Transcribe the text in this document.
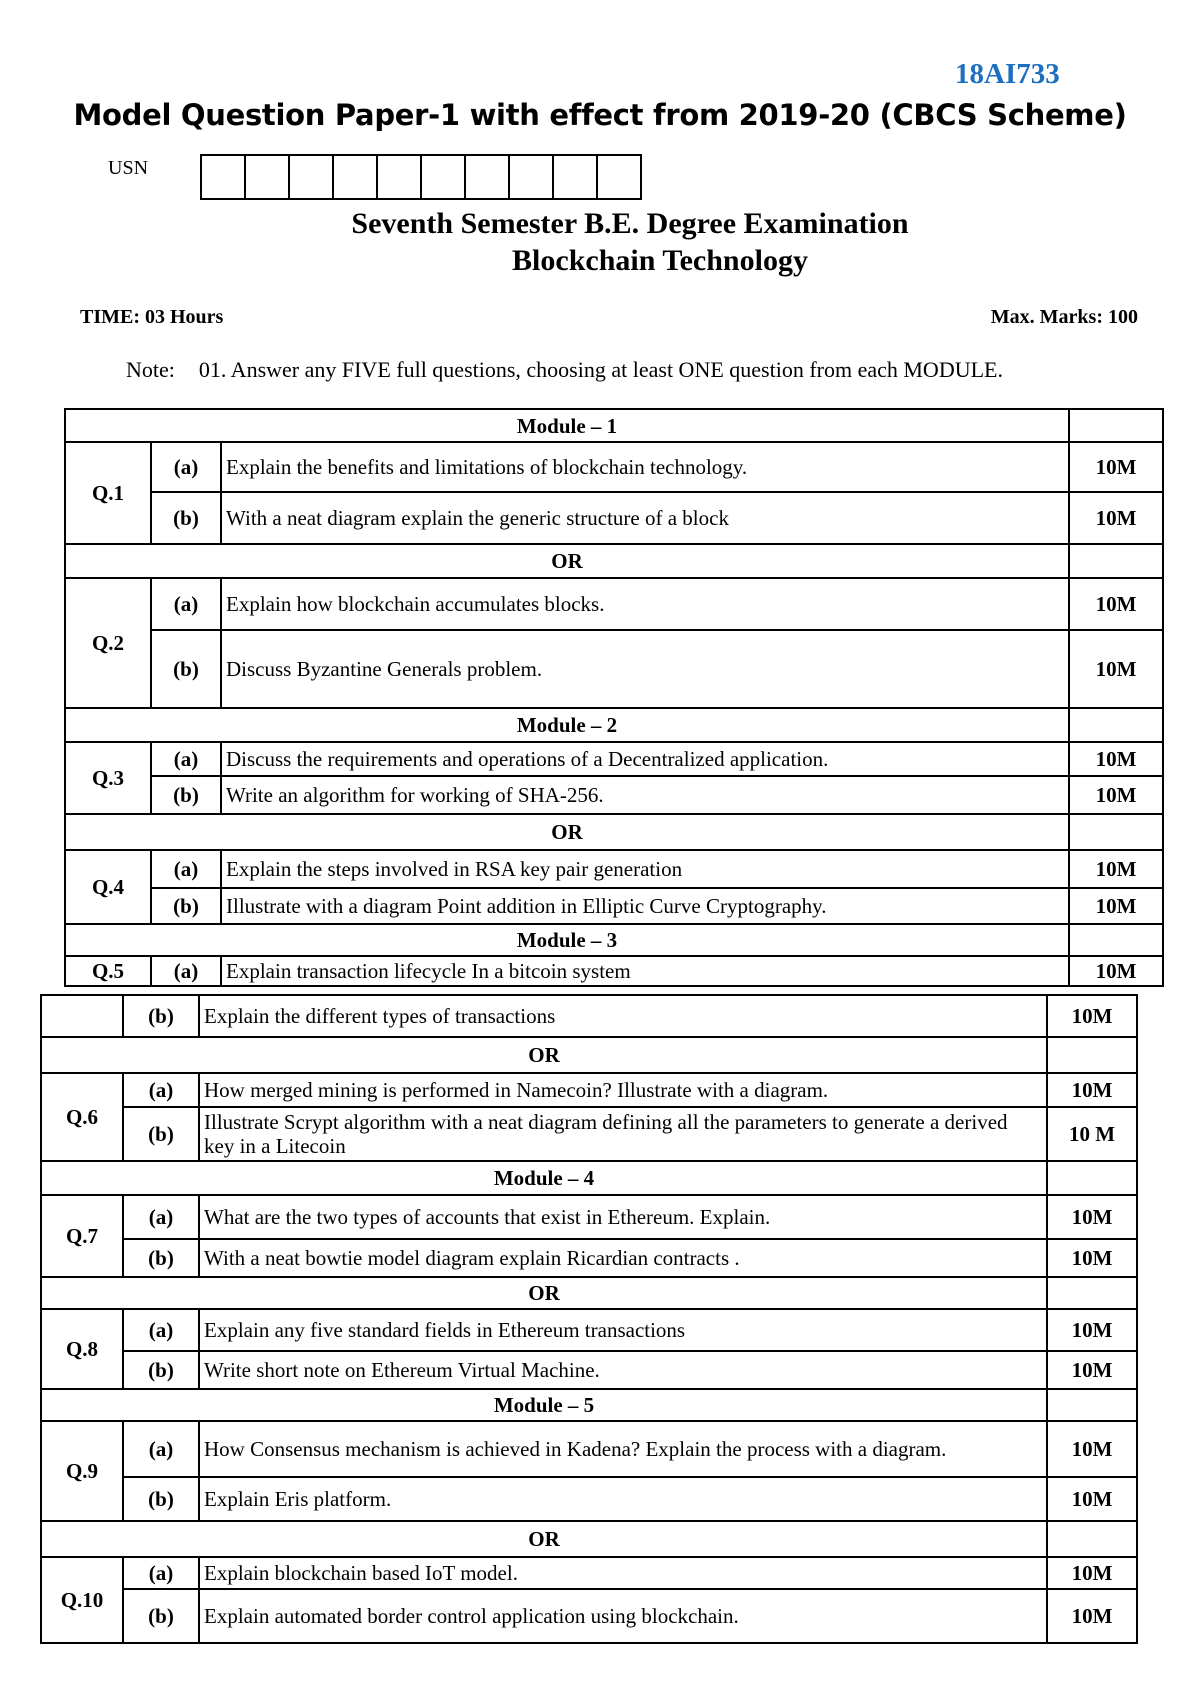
18AI733
Model Question Paper-1 with effect from 2019-20 (CBCS Scheme)
USN
Seventh Semester B.E. Degree Examination
Blockchain Technology
TIME: 03 Hours	Max. Marks: 100
Note: 01. Answer any FIVE full questions, choosing at least ONE question from each MODULE.
Module – 1			
Q.1	(a)	Explain the benefits and limitations of blockchain technology.	10M
	(b)	With a neat diagram explain the generic structure of a block	10M
OR			
Q.2	(a)	Explain how blockchain accumulates blocks.	10M
	(b)	Discuss Byzantine Generals problem.	10M
Module – 2			
Q.3	(a)	Discuss the requirements and operations of a Decentralized application.	10M
	(b)	Write an algorithm for working of SHA-256.	10M
OR			
Q.4	(a)	Explain the steps involved in RSA key pair generation	10M
	(b)	Illustrate with a diagram Point addition in Elliptic Curve Cryptography.	10M
Module – 3			
Q.5	(a)	Explain transaction lifecycle In a bitcoin system	10M
	(b)	Explain the different types of transactions	10M
OR			
Q.6	(a)	How merged mining is performed in Namecoin? Illustrate with a diagram.	10M
	(b)	Illustrate Scrypt algorithm with a neat diagram defining all the parameters to generate a derived key in a Litecoin	10 M
Module – 4			
Q.7	(a)	What are the two types of accounts that exist in Ethereum. Explain.	10M
	(b)	With a neat bowtie model diagram explain Ricardian contracts .	10M
OR			
Q.8	(a)	Explain any five standard fields in Ethereum transactions	10M
	(b)	Write short note on Ethereum Virtual Machine.	10M
Module – 5			
Q.9	(a)	How Consensus mechanism is achieved in Kadena? Explain the process with a diagram.	10M
	(b)	Explain Eris platform.	10M
OR			
Q.10	(a)	Explain blockchain based IoT model.	10M
	(b)	Explain automated border control application using blockchain.	10M
